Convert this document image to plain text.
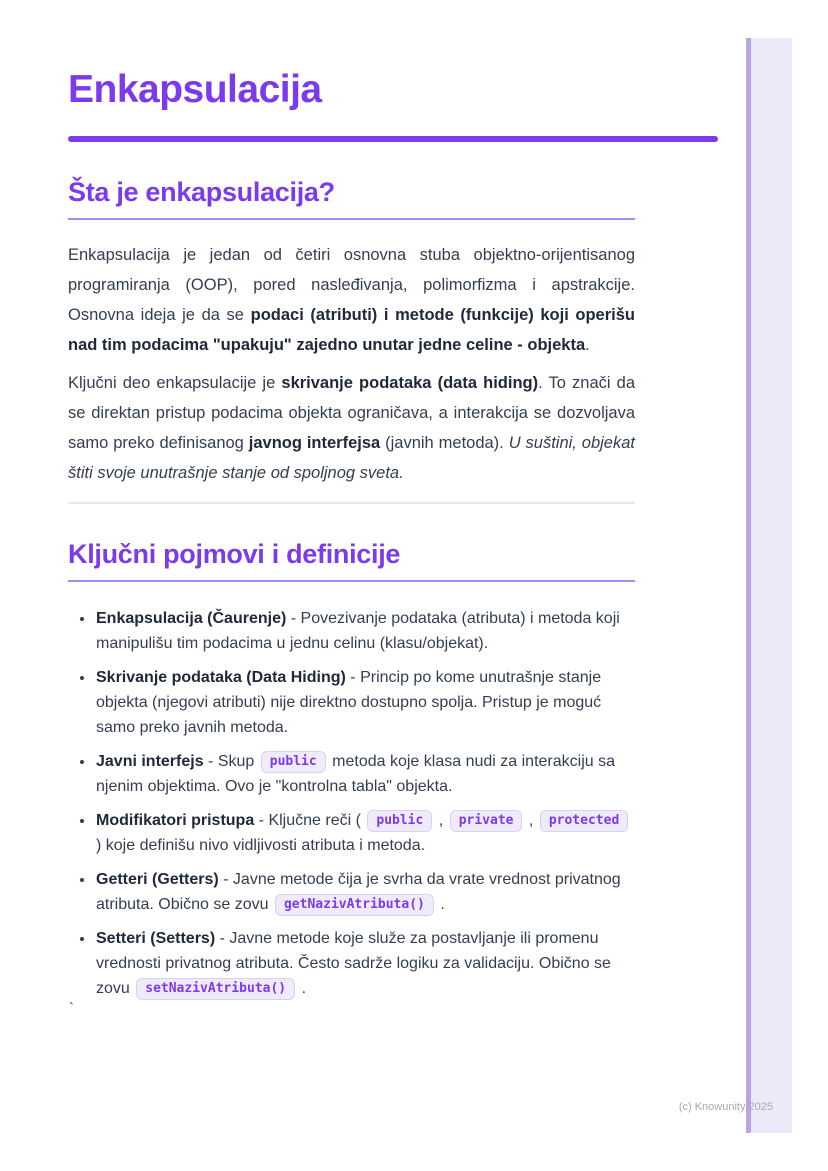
Enkapsulacija
Šta je enkapsulacija?

Enkapsulacija je jedan od četiri osnovna stuba objektno-orijentisanog programiranja (OOP), pored nasleđivanja, polimorfizma i apstrakcije. Osnovna ideja je da se podaci (atributi) i metode (funkcije) koji operišu nad tim podacima "upakuju" zajedno unutar jedne celine - objekta.

Ključni deo enkapsulacije je skrivanje podataka (data hiding). To znači da se direktan pristup podacima objekta ograničava, a interakcija se dozvoljava samo preko definisanog javnog interfejsa (javnih metoda). U suštini, objekat štiti svoje unutrašnje stanje od spoljnog sveta.

Ključni pojmovi i definicije
• Enkapsulacija (Čaurenje) - Povezivanje podataka (atributa) i metoda koji manipulišu tim podacima u jednu celinu (klasu/objekat).
• Skrivanje podataka (Data Hiding) - Princip po kome unutrašnje stanje objekta (njegovi atributi) nije direktno dostupno spolja. Pristup je moguć samo preko javnih metoda.
• Javni interfejs - Skup public metoda koje klasa nudi za interakciju sa njenim objektima. Ovo je "kontrolna tabla" objekta.
• Modifikatori pristupa - Ključne reči ( public , private , protected ) koje definišu nivo vidljivosti atributa i metoda.
• Getteri (Getters) - Javne metode čija je svrha da vrate vrednost privatnog atributa. Obično se zovu getNazivAtributa() .
• Setteri (Setters) - Javne metode koje služe za postavljanje ili promenu vrednosti privatnog atributa. Često sadrže logiku za validaciju. Obično se zovu setNazivAtributa() .
`
(c) Knowunity 2025
